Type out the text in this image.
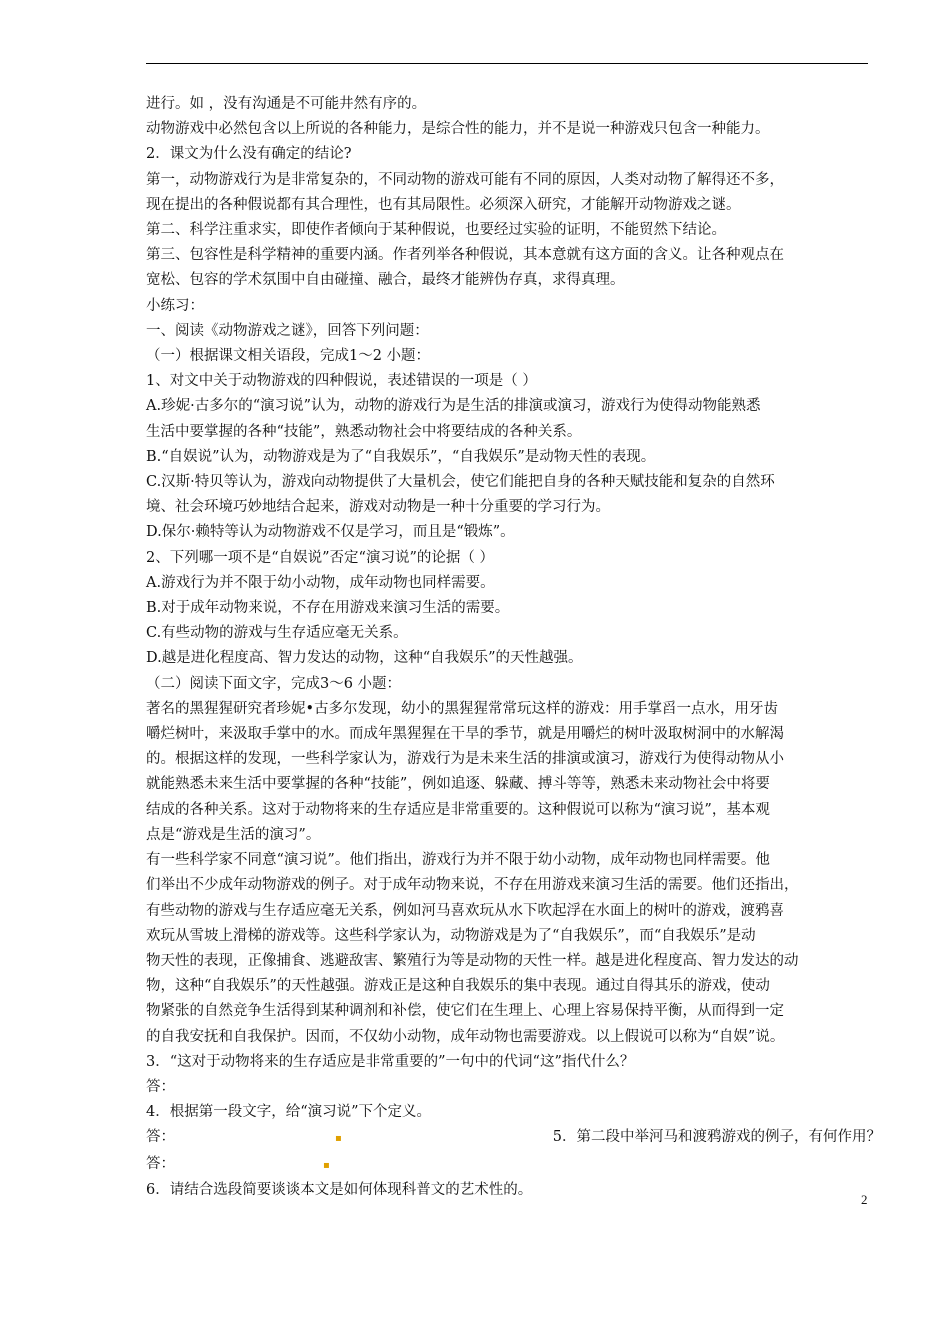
进行。如 ，没有沟通是不可能井然有序的。

动物游戏中必然包含以上所说的各种能力，是综合性的能力，并不是说一种游戏只包含一种能力。

2．课文为什么没有确定的结论?

第一，动物游戏行为是非常复杂的，不同动物的游戏可能有不同的原因，人类对动物了解得还不多，

现在提出的各种假说都有其合理性，也有其局限性。必须深入研究，才能解开动物游戏之谜。

第二、科学注重求实，即使作者倾向于某种假说，也要经过实验的证明，不能贸然下结论。

第三、包容性是科学精神的重要内涵。作者列举各种假说，其本意就有这方面的含义。让各种观点在

宽松、包容的学术氛围中自由碰撞、融合，最终才能辨伪存真，求得真理。

小练习：

一、阅读《动物游戏之谜》，回答下列问题：

（一）根据课文相关语段，完成1～2 小题：

1、对文中关于动物游戏的四种假说，表述错误的一项是（ ）

A.珍妮·古多尔的“演习说”认为，动物的游戏行为是生活的排演或演习，游戏行为使得动物能熟悉

生活中要掌握的各种“技能”，熟悉动物社会中将要结成的各种关系。

B.“自娱说”认为，动物游戏是为了“自我娱乐”，“自我娱乐”是动物天性的表现。

C.汉斯·特贝等认为，游戏向动物提供了大量机会，使它们能把自身的各种天赋技能和复杂的自然环

境、社会环境巧妙地结合起来，游戏对动物是一种十分重要的学习行为。

D.保尔·赖特等认为动物游戏不仅是学习，而且是“锻炼”。

2、下列哪一项不是“自娱说”否定“演习说”的论据（ ）

A.游戏行为并不限于幼小动物，成年动物也同样需要。

B.对于成年动物来说，不存在用游戏来演习生活的需要。

C.有些动物的游戏与生存适应毫无关系。

D.越是进化程度高、智力发达的动物，这种“自我娱乐”的天性越强。

（二）阅读下面文字，完成3～6 小题：

著名的黑猩猩研究者珍妮•古多尔发现，幼小的黑猩猩常常玩这样的游戏：用手掌舀一点水，用牙齿

嚼烂树叶，来汲取手掌中的水。而成年黑猩猩在干旱的季节，就是用嚼烂的树叶汲取树洞中的水解渴

的。根据这样的发现，一些科学家认为，游戏行为是未来生活的排演或演习，游戏行为使得动物从小

就能熟悉未来生活中要掌握的各种“技能”，例如追逐、躲藏、搏斗等等，熟悉未来动物社会中将要

结成的各种关系。这对于动物将来的生存适应是非常重要的。这种假说可以称为“演习说”，基本观

点是“游戏是生活的演习”。

有一些科学家不同意“演习说”。他们指出，游戏行为并不限于幼小动物，成年动物也同样需要。他

们举出不少成年动物游戏的例子。对于成年动物来说，不存在用游戏来演习生活的需要。他们还指出，

有些动物的游戏与生存适应毫无关系，例如河马喜欢玩从水下吹起浮在水面上的树叶的游戏，渡鸦喜

欢玩从雪坡上滑梯的游戏等。这些科学家认为，动物游戏是为了“自我娱乐”，而“自我娱乐”是动

物天性的表现，正像捕食、逃避敌害、繁殖行为等是动物的天性一样。越是进化程度高、智力发达的动

物，这种“自我娱乐”的天性越强。游戏正是这种自我娱乐的集中表现。通过自得其乐的游戏，使动

物紧张的自然竞争生活得到某种调剂和补偿，使它们在生理上、心理上容易保持平衡，从而得到一定

的自我安抚和自我保护。因而，不仅幼小动物，成年动物也需要游戏。以上假说可以称为“自娱”说。

3．“这对于动物将来的生存适应是非常重要的”一句中的代词“这”指代什么？

答：

4．根据第一段文字，给“演习说”下个定义。

答：	▪	5．第二段中举河马和渡鸦游戏的例子，有何作用？

答：	▪

6．请结合选段简要谈谈本文是如何体现科普文的艺术性的。

2
